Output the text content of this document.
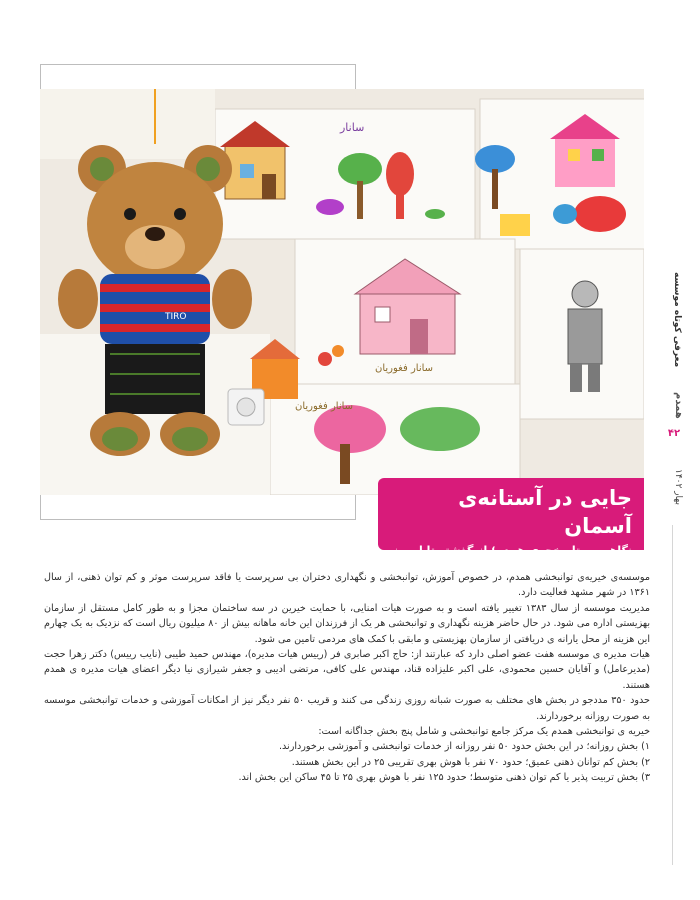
سانار
سانار فغوریان
سانار فغوریان
TIRO	معرفی کوتاه موسسه
همدم
۴۲
بهار ۱۴۰۲
جایی در آستانه‌ی آسمان
نگاهی به تاریخچه‌ی همدم؛ از گذشته تا امروز

موسسه‌ی خیریه‌ی توانبخشی همدم، در خصوص آموزش، توانبخشی و نگهداری دختران بی سرپرست یا فاقد سرپرست موثر و کم توان ذهنی، از سال ۱۳۶۱ در شهر مشهد فعالیت دارد.

مدیریت موسسه از سال ۱۳۸۳ تغییر یافته است و به صورت هیات امنایی، با حمایت خیرین در سه ساختمان مجزا و به طور کامل مستقل از سازمان بهزیستی اداره می شود. در حال حاضر هزینه نگهداری و توانبخشی هر یک از فرزندان این خانه ماهانه بیش از ۸۰ میلیون ریال است که نزدیک به یک چهارم این هزینه از محل یارانه ی دریافتی از سازمان بهزیستی و مابقی با کمک های مردمی تامین می شود.

هیات مدیره ی موسسه هفت عضو اصلی دارد که عبارتند از: حاج اکبر صابری فر (رییس هیات مدیره)، مهندس حمید طیبی (نایب رییس) دکتر زهرا حجت (مدیرعامل) و آقایان حسین محمودی، علی اکبر علیزاده قناد، مهندس علی کافی، مرتضی ادیبی و جعفر شیرازی نیا دیگر اعضای هیات مدیره ی همدم هستند.

حدود ۳۵۰ مددجو در بخش های مختلف به صورت شبانه روزی زندگی می کنند و قریب ۵۰ نفر دیگر نیز از امکانات آموزشی و خدمات توانبخشی موسسه به صورت روزانه برخوردارند.

خیریه ی توانبخشی همدم یک مرکز جامع توانبخشی و شامل پنج بخش جداگانه است:

۱) بخش روزانه؛ در این بخش حدود ۵۰ نفر روزانه از خدمات توانبخشی و آموزشی برخوردارند.

۲) بخش کم توانان ذهنی عمیق؛ حدود ۷۰ نفر با هوش بهری تقریبی ۲۵ در این بخش هستند.

۳) بخش تربیت پذیر یا کم توان ذهنی متوسط؛ حدود ۱۲۵ نفر با هوش بهری ۲۵ تا ۴۵ ساکن این بخش اند.
